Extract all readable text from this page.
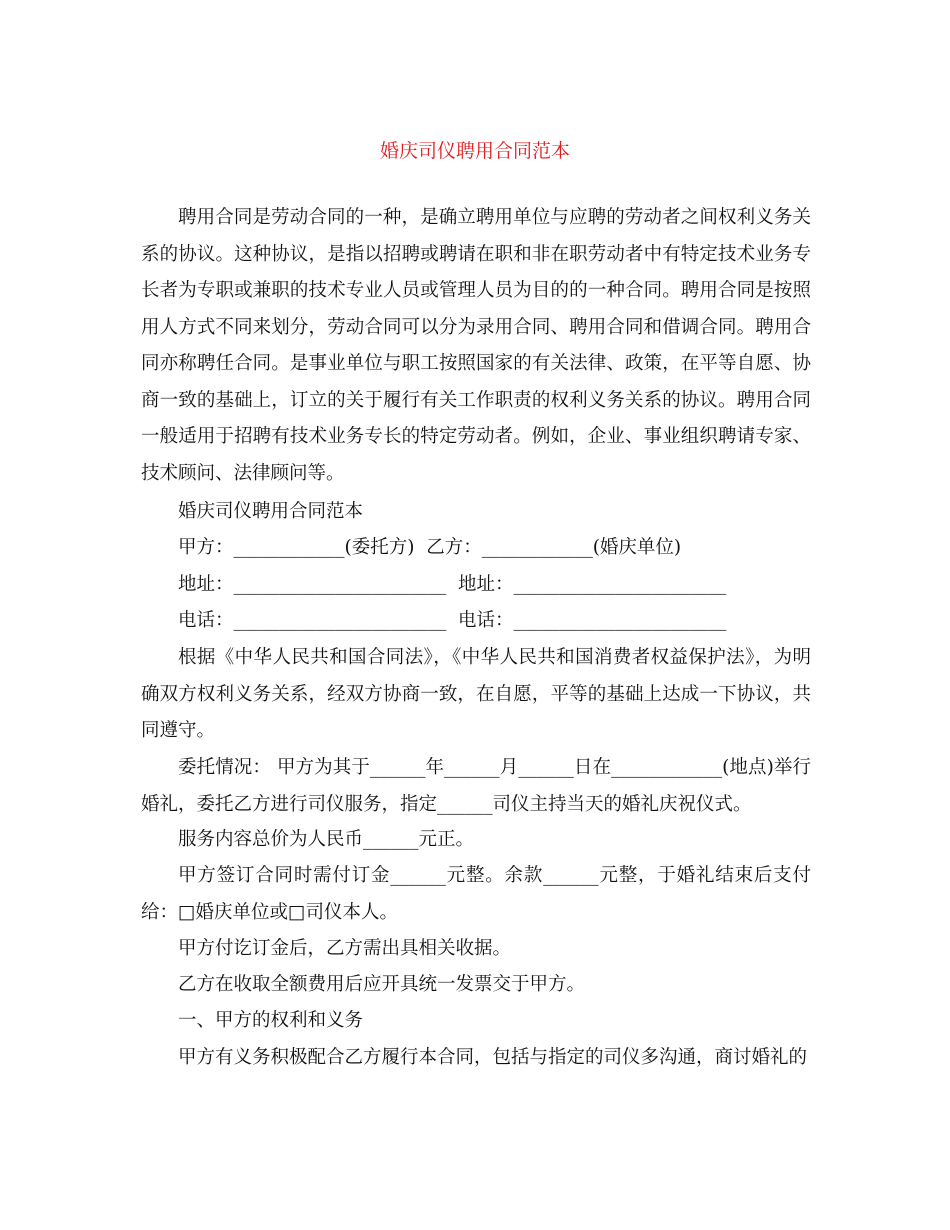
婚庆司仪聘用合同范本

聘用合同是劳动合同的一种，是确立聘用单位与应聘的劳动者之间权利义务关系的协议。这种协议，是指以招聘或聘请在职和非在职劳动者中有特定技术业务专长者为专职或兼职的技术专业人员或管理人员为目的的一种合同。聘用合同是按照用人方式不同来划分，劳动合同可以分为录用合同、聘用合同和借调合同。聘用合同亦称聘任合同。是事业单位与职工按照国家的有关法律、政策，在平等自愿、协商一致的基础上，订立的关于履行有关工作职责的权利义务关系的协议。聘用合同一般适用于招聘有技术业务专长的特定劳动者。例如，企业、事业组织聘请专家、技术顾问、法律顾问等。

婚庆司仪聘用合同范本
甲方：____________(委托方)  乙方：____________(婚庆单位)
地址：_______________________  地址：_______________________
电话：_______________________  电话：_______________________

根据《中华人民共和国合同法》，《中华人民共和国消费者权益保护法》，为明确双方权利义务关系，经双方协商一致，在自愿，平等的基础上达成一下协议，共同遵守。

委托情况： 甲方为其于______年______月______日在____________(地点)举行婚礼，委托乙方进行司仪服务，指定______司仪主持当天的婚礼庆祝仪式。

服务内容总价为人民币______元正。

甲方签订合同时需付订金______元整。余款______元整，于婚礼结束后支付给：□婚庆单位或□司仪本人。

甲方付讫订金后，乙方需出具相关收据。
乙方在收取全额费用后应开具统一发票交于甲方。
一、甲方的权利和义务

甲方有义务积极配合乙方履行本合同，包括与指定的司仪多沟通，商讨婚礼的
